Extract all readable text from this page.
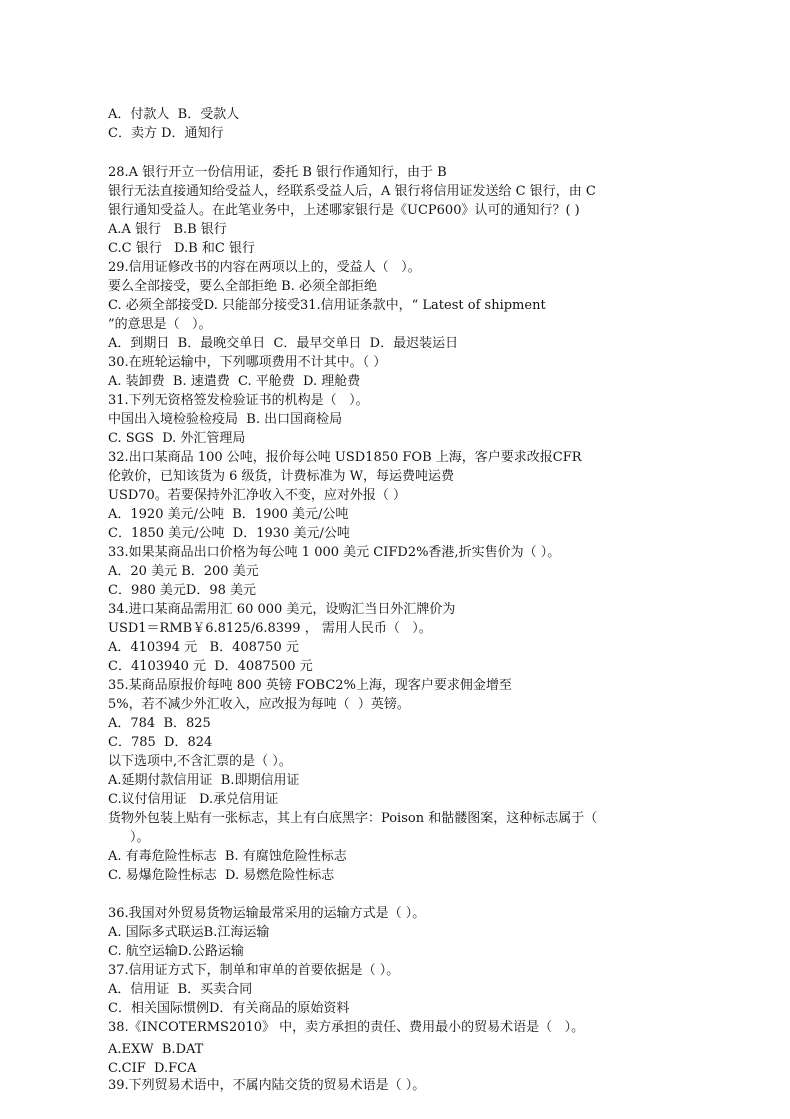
A．付款人  B．受款人
C．卖方 D．通知行
28.A 银行开立一份信用证，委托 B 银行作通知行，由于 B
银行无法直接通知给受益人，经联系受益人后，A 银行将信用证发送给 C 银行，由 C
银行通知受益人。在此笔业务中，上述哪家银行是《UCP600》认可的通知行？( )
A.A 银行   B.B 银行
C.C 银行   D.B 和C 银行
29.信用证修改书的内容在两项以上的，受益人（   ）。
要么全部接受，要么全部拒绝 B. 必须全部拒绝
C. 必须全部接受D. 只能部分接受31.信用证条款中，“ Latest of shipment
”的意思是（   ）。
A．到期日  B．最晚交单日  C．最早交单日  D．最迟装运日
30.在班轮运输中，下列哪项费用不计其中。（ ）
A. 装卸费  B. 速遣费  C. 平舱费  D. 理舱费
31.下列无资格签发检验证书的机构是（   ）。
中国出入境检验检疫局  B. 出口国商检局
C. SGS  D. 外汇管理局
32.出口某商品 100 公吨，报价每公吨 USD1850 FOB 上海，客户要求改报CFR
伦敦价，已知该货为 6 级货，计费标准为 W，每运费吨运费
USD70。若要保持外汇净收入不变，应对外报（ ）
A．1920 美元/公吨  B．1900 美元/公吨
C．1850 美元/公吨  D．1930 美元/公吨
33.如果某商品出口价格为每公吨 1 000 美元 CIFD2%香港,折实售价为（ ）。
A．20 美元 B．200 美元
C．980 美元D．98 美元
34.进口某商品需用汇 60 000 美元，设购汇当日外汇牌价为
USD1＝RMB￥6.8125/6.8399 ， 需用人民币（   ）。
A．410394 元   B．408750 元
C．4103940 元  D．4087500 元
35.某商品原报价每吨 800 英镑 FOBC2%上海，现客户要求佣金增至
5%，若不减少外汇收入，应改报为每吨（  ）英镑。
A．784  B．825
C．785  D．824
以下选项中,不含汇票的是（ ）。
A.延期付款信用证  B.即期信用证
C.议付信用证   D.承兑信用证
货物外包装上贴有一张标志，其上有白底黑字：Poison 和骷髅图案，这种标志属于（
）。
A. 有毒危险性标志  B. 有腐蚀危险性标志
C. 易爆危险性标志  D. 易燃危险性标志
36.我国对外贸易货物运输最常采用的运输方式是（ ）。
A. 国际多式联运B.江海运输
C. 航空运输D.公路运输
37.信用证方式下，制单和审单的首要依据是（ ）。
A．信用证  B．买卖合同
C．相关国际惯例D．有关商品的原始资料
38.《INCOTERMS2010》 中，卖方承担的责任、费用最小的贸易术语是（   ）。
A.EXW  B.DAT
C.CIF  D.FCA
39.下列贸易术语中，不属内陆交货的贸易术语是（ ）。
